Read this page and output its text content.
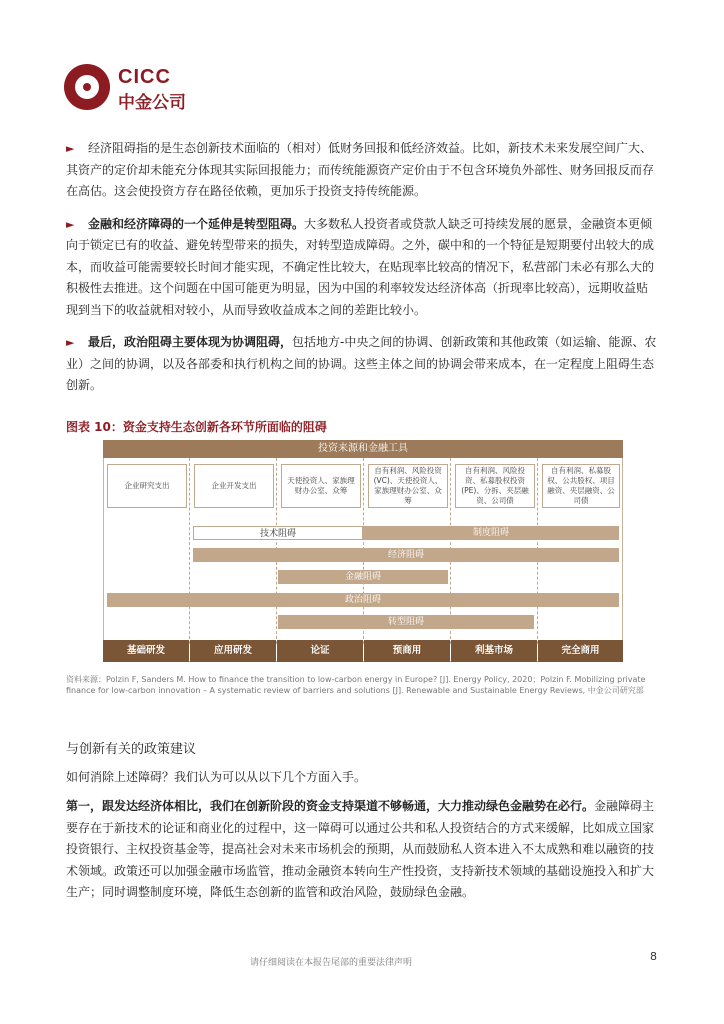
CICC
中金公司

► 经济阻碍指的是生态创新技术面临的（相对）低财务回报和低经济效益。比如，新技术未来发展空间广大、其资产的定价却未能充分体现其实际回报能力；而传统能源资产定价由于不包含环境负外部性、财务回报反而存在高估。这会使投资方存在路径依赖，更加乐于投资支持传统能源。

► 金融和经济障碍的一个延伸是转型阻碍。大多数私人投资者或贷款人缺乏可持续发展的愿景，金融资本更倾向于锁定已有的收益、避免转型带来的损失，对转型造成障碍。之外，碳中和的一个特征是短期要付出较大的成本，而收益可能需要较长时间才能实现，不确定性比较大，在贴现率比较高的情况下，私营部门未必有那么大的积极性去推进。这个问题在中国可能更为明显，因为中国的利率较发达经济体高（折现率比较高），远期收益贴现到当下的收益就相对较小，从而导致收益成本之间的差距比较小。

► 最后，政治阻碍主要体现为协调阻碍，包括地方-中央之间的协调、创新政策和其他政策（如运输、能源、农业）之间的协调，以及各部委和执行机构之间的协调。这些主体之间的协调会带来成本，在一定程度上阻碍生态创新。

图表 10：资金支持生态创新各环节所面临的阻碍
投资来源和金融工具
企业研究支出	企业开发支出
天使投资人、家族理财办公室、众筹
自有利润、风险投资(VC)、天使投资人、家族理财办公室、众筹
自有利润、风险投资、私募股权投资(PE)、分拆、夹层融资、公司债
自有利润、私募股权、公共股权、项目融资、夹层融资、公司债
技术阻碍	制度阻碍
经济阻碍
金融阻碍
政治阻碍
转型阻碍
基础研发	应用研发	论证	预商用	利基市场	完全商用
资料来源：Polzin F, Sanders M. How to finance the transition to low-carbon energy in Europe? [J]. Energy Policy, 2020；Polzin F. Mobilizing private finance for low-carbon innovation – A systematic review of barriers and solutions [J]. Renewable and Sustainable Energy Reviews, 中金公司研究部
与创新有关的政策建议
如何消除上述障碍？我们认为可以从以下几个方面入手。

第一，跟发达经济体相比，我们在创新阶段的资金支持渠道不够畅通，大力推动绿色金融势在必行。金融障碍主要存在于新技术的论证和商业化的过程中，这一障碍可以通过公共和私人投资结合的方式来缓解，比如成立国家投资银行、主权投资基金等，提高社会对未来市场机会的预期，从而鼓励私人资本进入不太成熟和难以融资的技术领域。政策还可以加强金融市场监管，推动金融资本转向生产性投资，支持新技术领域的基础设施投入和扩大生产；同时调整制度环境，降低生态创新的监管和政治风险，鼓励绿色金融。

请仔细阅读在本报告尾部的重要法律声明	8
